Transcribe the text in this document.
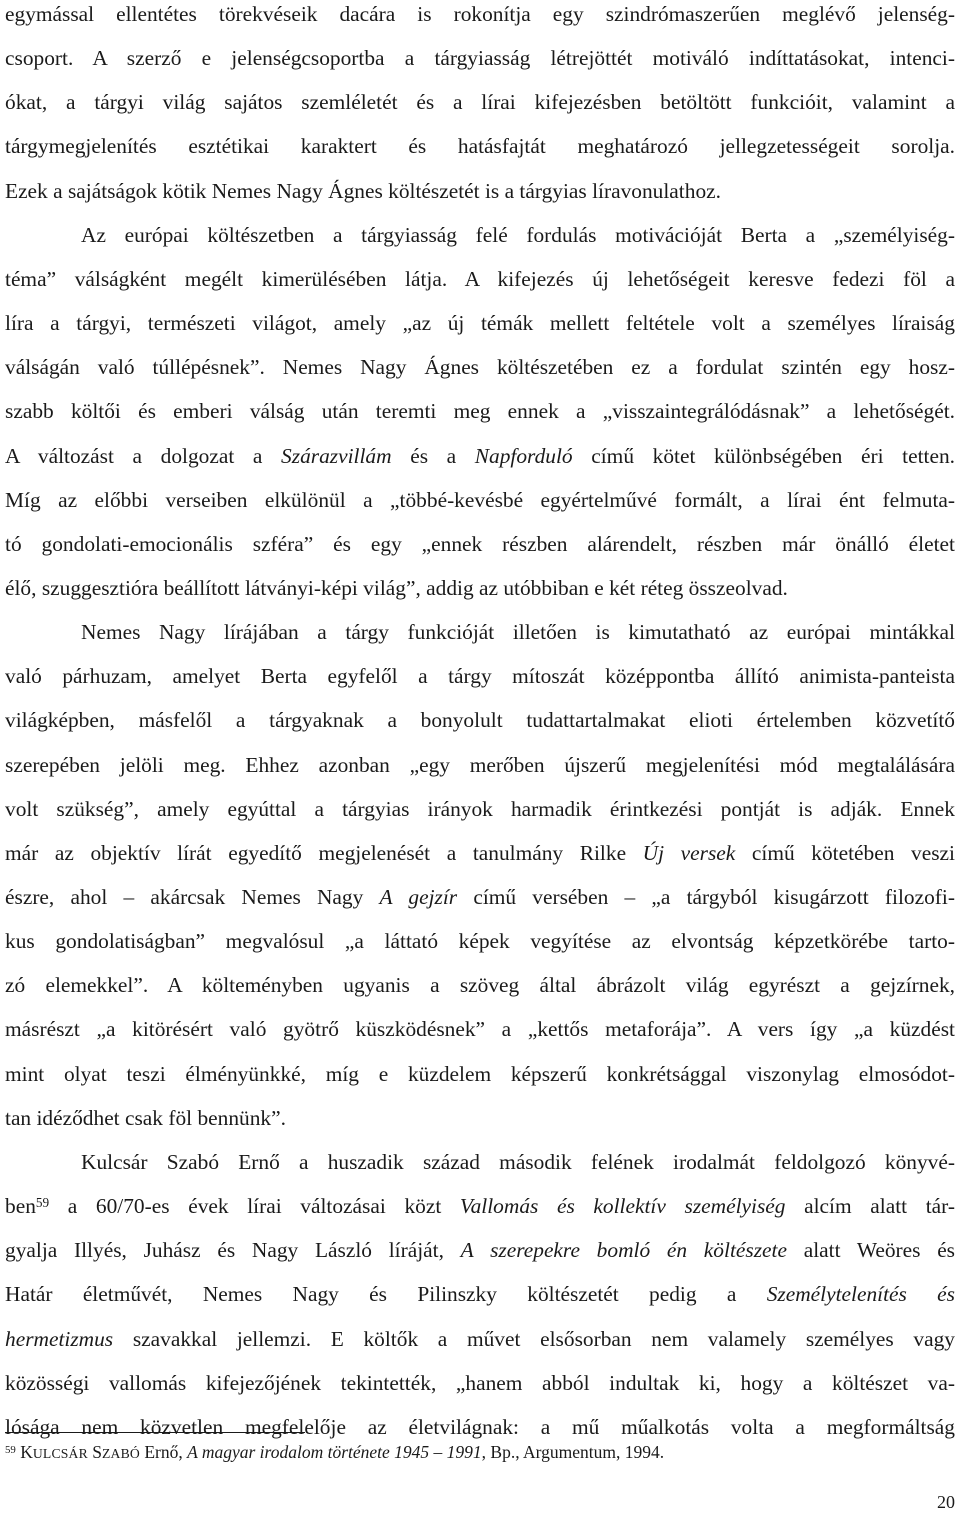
egymással ellentétes törekvéseik dacára is rokonítja egy szindrómaszerűen meglévő jelenség-
csoport. A szerző e jelenségcsoportba a tárgyiasság létrejöttét motiváló indíttatásokat, intenci-
ókat, a tárgyi világ sajátos szemléletét és a lírai kifejezésben betöltött funkcióit, valamint a
tárgymegjelenítés esztétikai karaktert és hatásfajtát meghatározó jellegzetességeit sorolja.
Ezek a sajátságok kötik Nemes Nagy Ágnes költészetét is a tárgyias líravonulathoz.
Az európai költészetben a tárgyiasság felé fordulás motivációját Berta a „személyiség-
téma” válságként megélt kimerülésében látja. A kifejezés új lehetőségeit keresve fedezi föl a
líra a tárgyi, természeti világot, amely „az új témák mellett feltétele volt a személyes líraiság
válságán való túllépésnek”. Nemes Nagy Ágnes költészetében ez a fordulat szintén egy hosz-
szabb költői és emberi válság után teremti meg ennek a „visszaintegrálódásnak” a lehetőségét.
A változást a dolgozat a Szárazvillám és a Napforduló című kötet különbségében éri tetten.
Míg az előbbi verseiben elkülönül a „többé-kevésbé egyértelművé formált, a lírai ént felmuta-
tó gondolati-emocionális szféra” és egy „ennek részben alárendelt, részben már önálló életet
élő, szuggesztióra beállított látványi-képi világ”, addig az utóbbiban e két réteg összeolvad.
Nemes Nagy lírájában a tárgy funkcióját illetően is kimutatható az európai mintákkal
való párhuzam, amelyet Berta egyfelől a tárgy mítoszát középpontba állító animista-panteista
világképben, másfelől a tárgyaknak a bonyolult tudattartalmakat elioti értelemben közvetítő
szerepében jelöli meg. Ehhez azonban „egy merőben újszerű megjelenítési mód megtalálására
volt szükség”, amely egyúttal a tárgyias irányok harmadik érintkezési pontját is adják. Ennek
már az objektív lírát egyedítő megjelenését a tanulmány Rilke Új versek című kötetében veszi
észre, ahol – akárcsak Nemes Nagy A gejzír című versében – „a tárgyból kisugárzott filozofi-
kus gondolatiságban” megvalósul „a láttató képek vegyítése az elvontság képzetkörébe tarto-
zó elemekkel”. A költeményben ugyanis a szöveg által ábrázolt világ egyrészt a gejzírnek,
másrészt „a kitörésért való gyötrő küszködésnek” a „kettős metaforája”. A vers így „a küzdést
mint olyat teszi élményünkké, míg e küzdelem képszerű konkrétsággal viszonylag elmosódot-
tan idéződhet csak föl bennünk”.
Kulcsár Szabó Ernő a huszadik század második felének irodalmát feldolgozó könyvé-
ben$^{59}$ a 60/70-es évek lírai változásai közt Vallomás és kollektív személyiség alcím alatt tár-
gyalja Illyés, Juhász és Nagy László líráját, A szerepekre bomló én költészete alatt Weöres és
Határ életművét, Nemes Nagy és Pilinszky költészetét pedig a Személytelenítés és
hermetizmus szavakkal jellemzi. E költők a művet elsősorban nem valamely személyes vagy
közösségi vallomás kifejezőjének tekintették, „hanem abból indultak ki, hogy a költészet va-
lósága nem közvetlen megfelelője az életvilágnak: a mű műalkotás volta a megformáltság
$^{59}$ KULCSÁR SZABÓ Ernő, A magyar irodalom története 1945 – 1991, Bp., Argumentum, 1994.
20
